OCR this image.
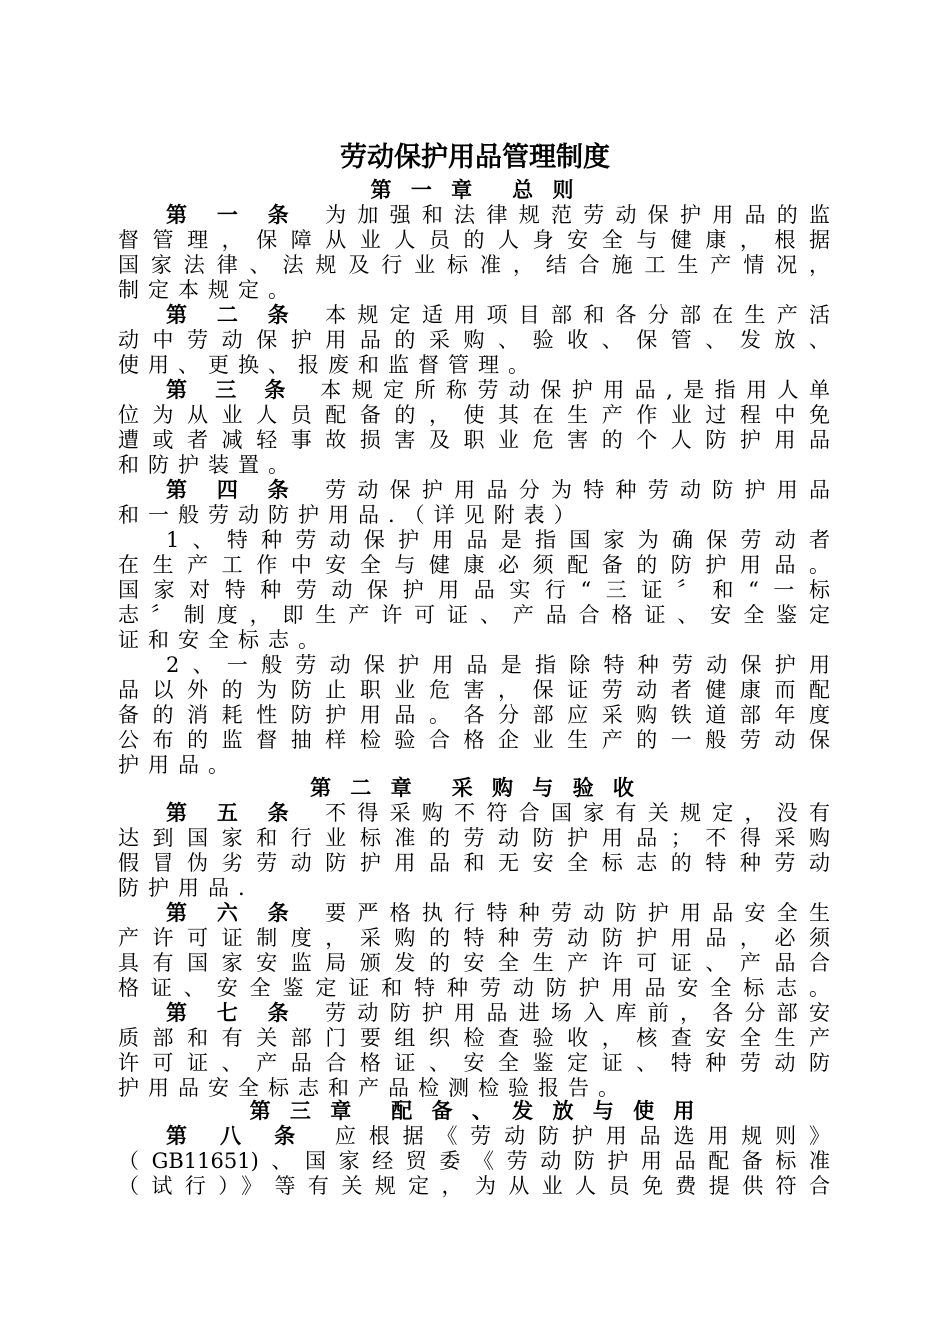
劳动保护用品管理制度
第 一 章 总 则
第 一 条 为加强和法律规范劳动保护用品的监
督管理，保障从业人员的人身安全与健康，根据
国家法律、法规及行业标准，结合施工生产情况，
制定本规定。
第 二 条 本规定适用项目部和各分部在生产活
动中劳动保护用品的采购、验收、保管、发放、
使用、更换、报废和监督管理。
第 三 条 本规定所称劳动保护用品,是指用人单
位为从业人员配备的，使其在生产作业过程中免
遭或者减轻事故损害及职业危害的个人防护用品
和防护装置。
第 四 条 劳动保护用品分为特种劳动防护用品
和一般劳动防护用品.（详见附表）
1、特种劳动保护用品是指国家为确保劳动者
在生产工作中安全与健康必须配备的防护用品。
国家对特种劳动保护用品实行“三证〞和“一标
志〞制度，即生产许可证、产品合格证、安全鉴定
证和安全标志。
2、一般劳动保护用品是指除特种劳动保护用
品以外的为防止职业危害，保证劳动者健康而配
备的消耗性防护用品。各分部应采购铁道部年度
公布的监督抽样检验合格企业生产的一般劳动保
护用品。
第 二 章 采 购 与 验 收
第 五 条 不得采购不符合国家有关规定，没有
达到国家和行业标准的劳动防护用品；不得采购
假冒伪劣劳动防护用品和无安全标志的特种劳动
防护用品.
第 六 条 要严格执行特种劳动防护用品安全生
产许可证制度，采购的特种劳动防护用品，必须
具有国家安监局颁发的安全生产许可证、产品合
格证、安全鉴定证和特种劳动防护用品安全标志。
第 七 条 劳动防护用品进场入库前，各分部安
质部和有关部门要组织检查验收，核查安全生产
许可证、产品合格证、安全鉴定证、特种劳动防
护用品安全标志和产品检测检验报告。
第 三 章 配 备 、 发 放 与 使 用
第 八 条 应根据《劳动防护用品选用规则》
（GB11651)、国家经贸委《劳动防护用品配备标准
（试行）》等有关规定，为从业人员免费提供符合
